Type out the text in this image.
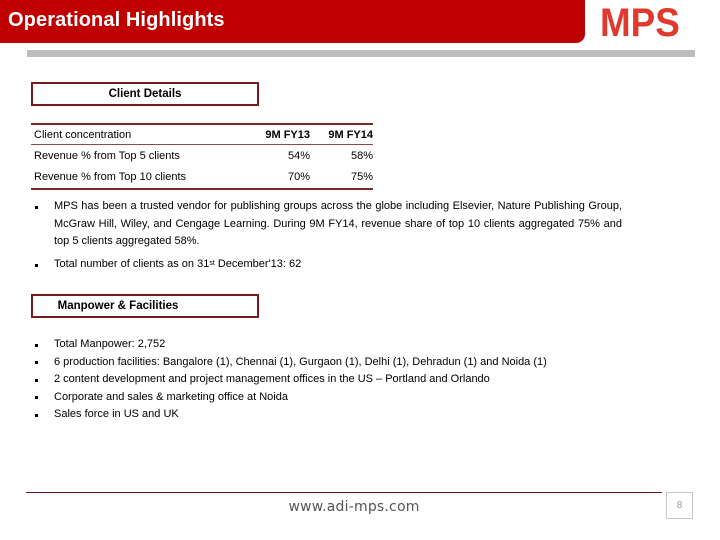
Operational Highlights	MPS
Client Details
Client concentration	9M FY13	9M FY14
Revenue % from Top 5 clients	54%	58%
Revenue % from Top 10 clients	70%	75%
MPS has been a trusted vendor for publishing groups across the globe including Elsevier, Nature Publishing Group, McGraw Hill, Wiley, and Cengage Learning. During 9M FY14, revenue share of top 10 clients aggregated 75% and top 5 clients aggregated 58%.
Total number of clients as on 31st December'13: 62
Manpower & Facilities
Total Manpower: 2,752
6 production facilities: Bangalore (1), Chennai (1), Gurgaon (1), Delhi (1), Dehradun (1) and Noida (1)
2 content development and project management offices in the US – Portland and Orlando
Corporate and sales & marketing office at Noida
Sales force in US and UK
www.adi-mps.com	8
